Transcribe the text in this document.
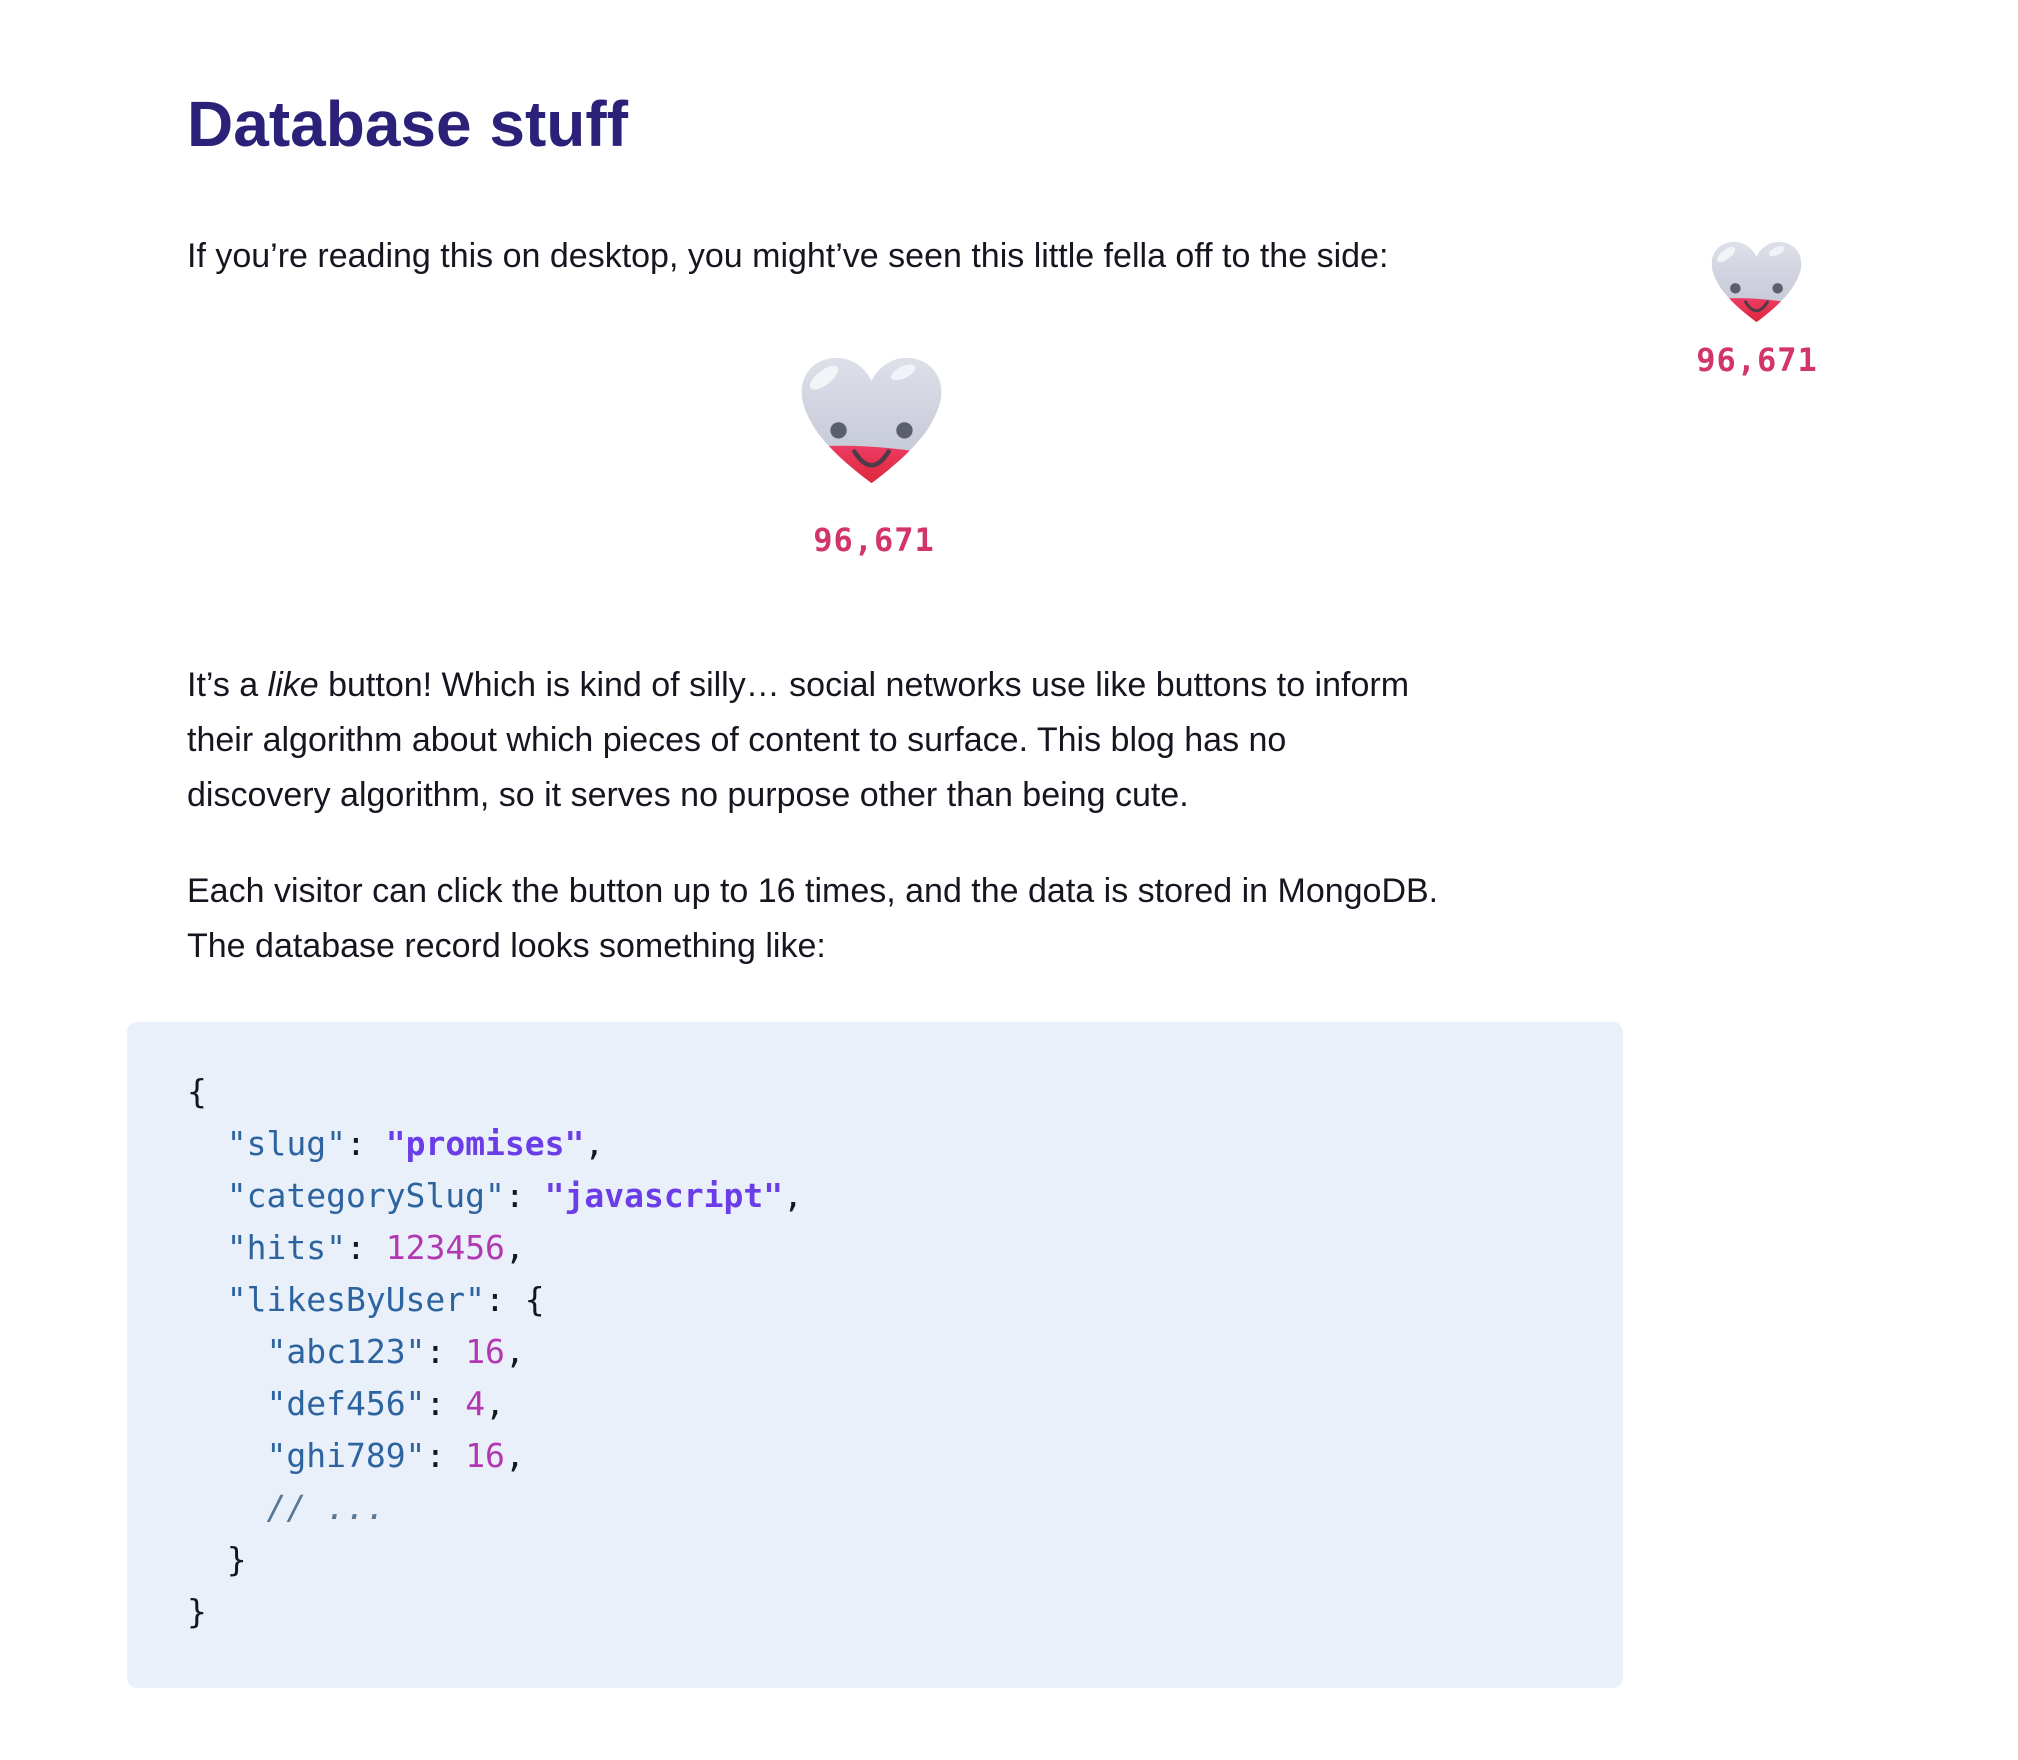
Database stuff

If you’re reading this on desktop, you might’ve seen this little fella off to the side:

96,671
96,671

It’s a like button! Which is kind of silly… social networks use like buttons to inform
their algorithm about which pieces of content to surface. This blog has no
discovery algorithm, so it serves no purpose other than being cute.

Each visitor can click the button up to 16 times, and the data is stored in MongoDB.
The database record looks something like:

{
"slug": "promises",
"categorySlug": "javascript",
"hits": 123456,
"likesByUser": {
"abc123": 16,
"def456": 4,
"ghi789": 16,
// ...
}
}
